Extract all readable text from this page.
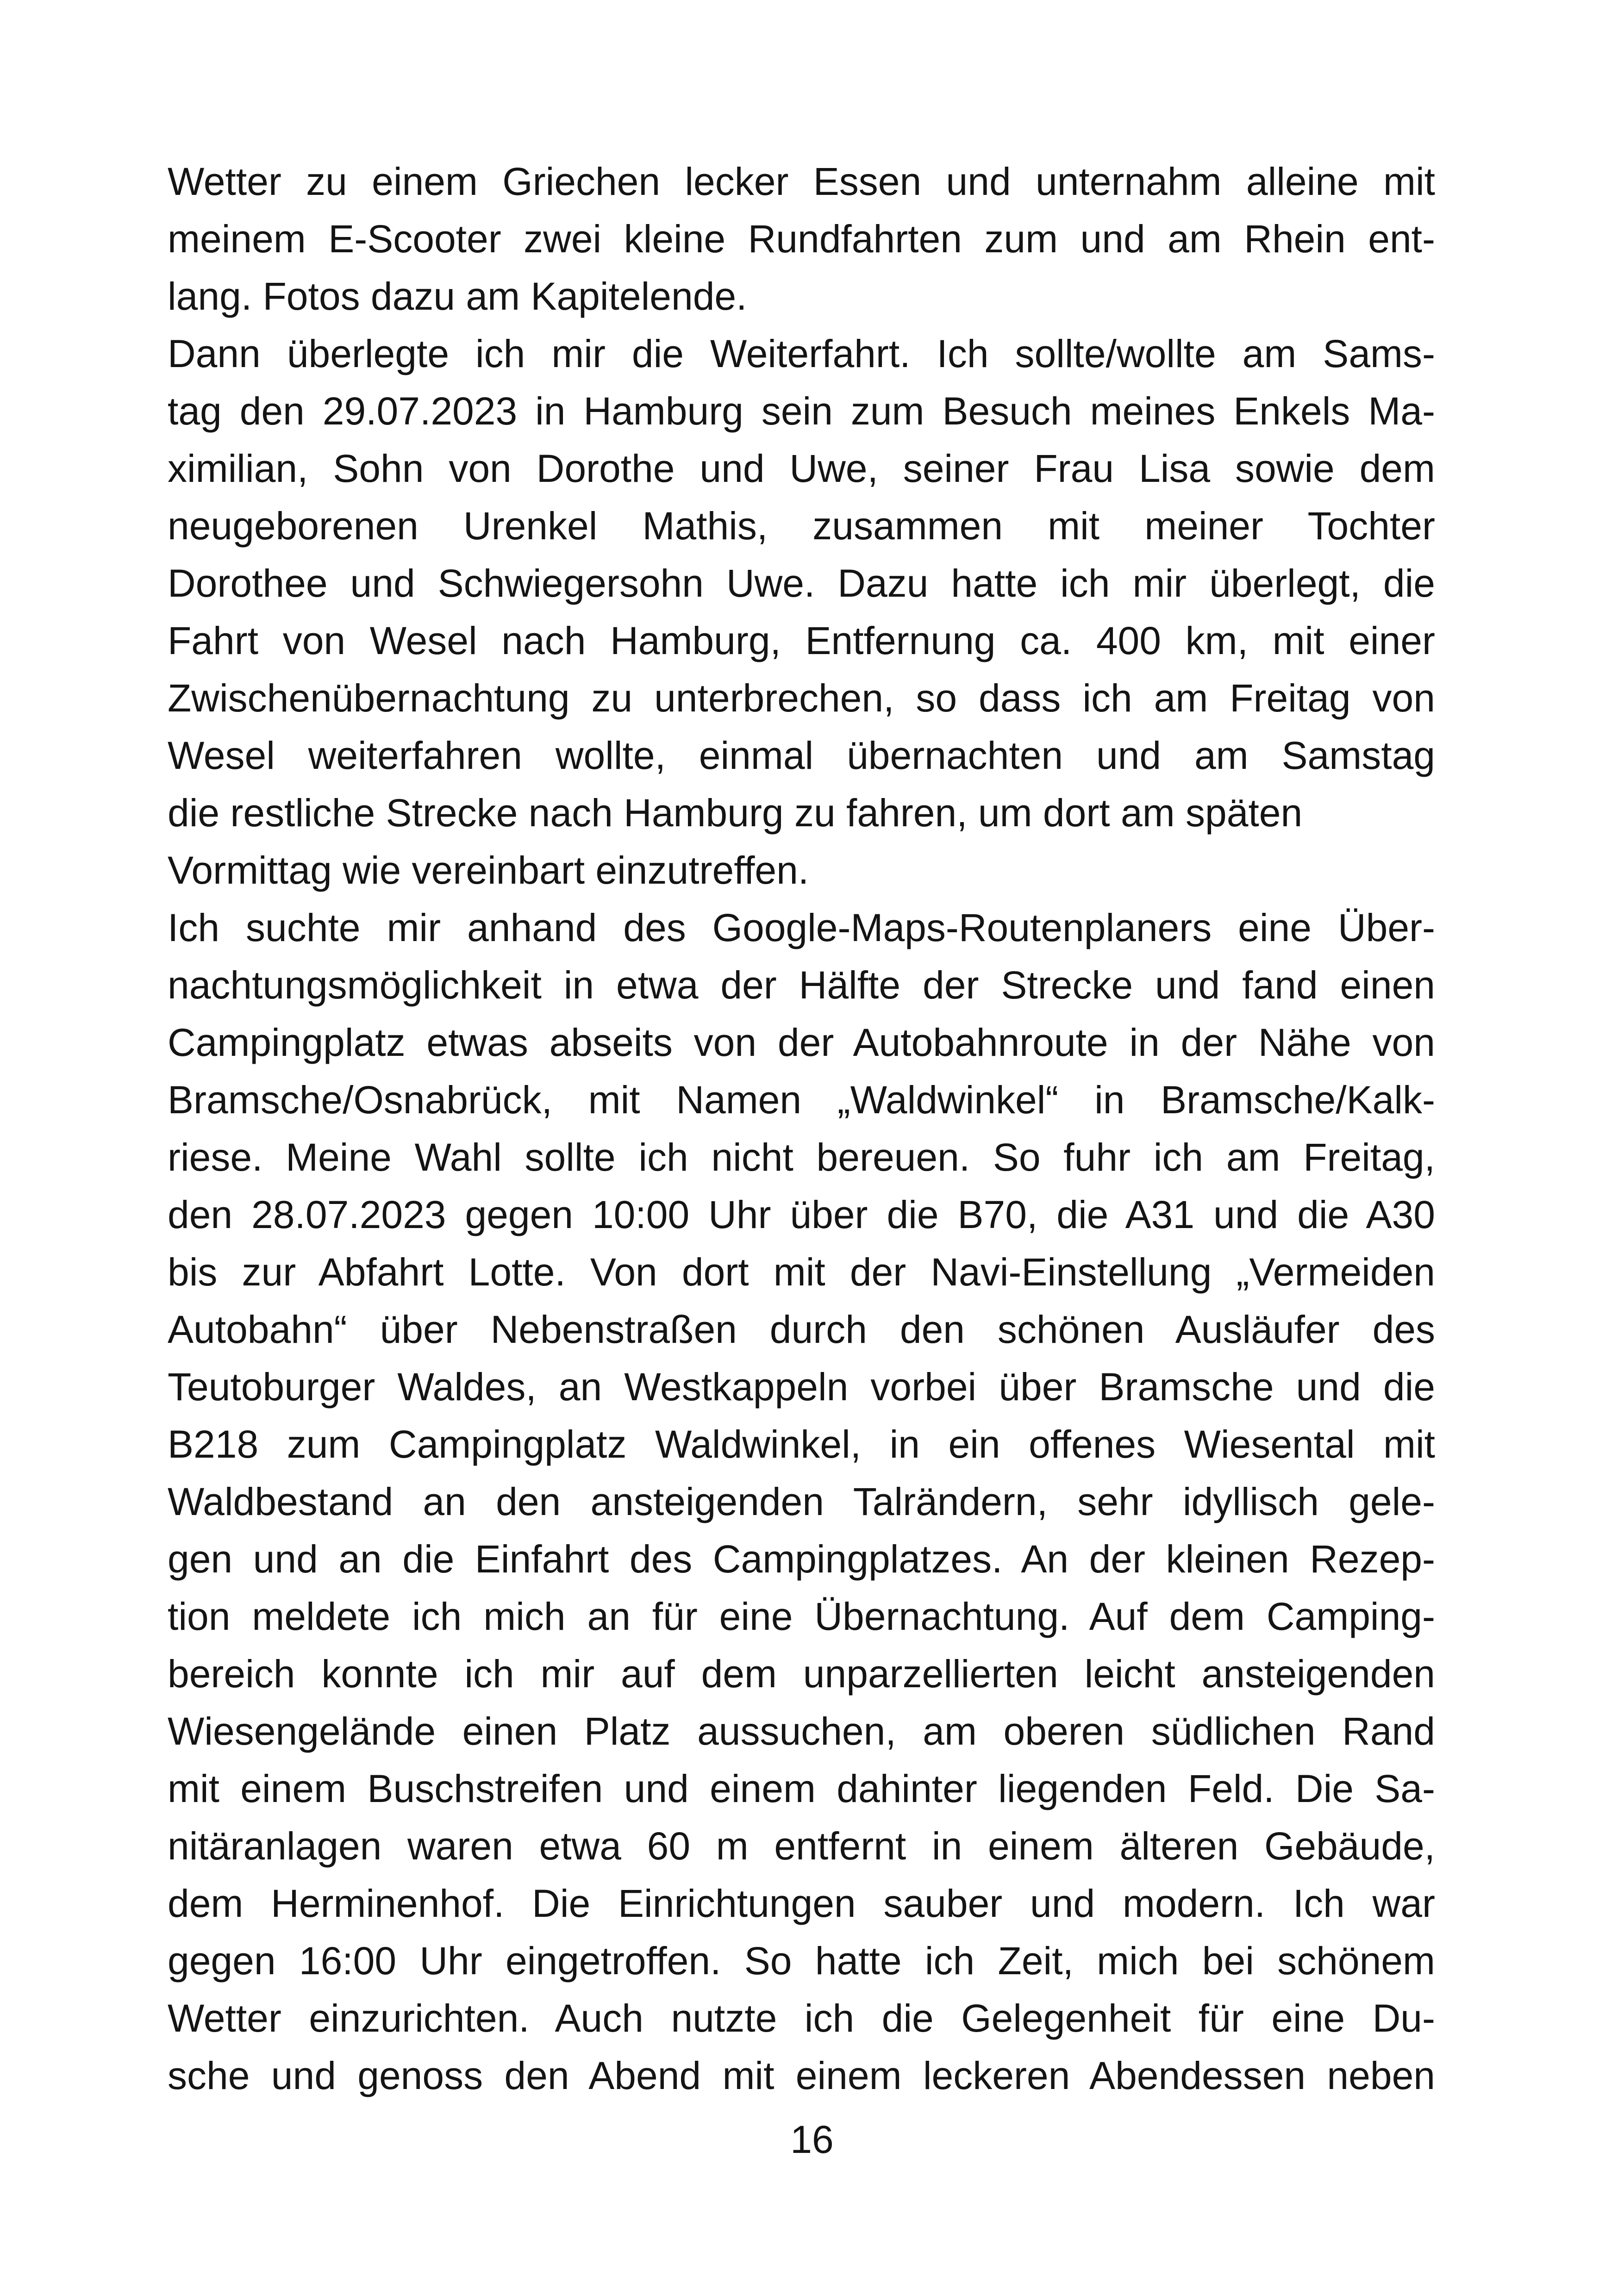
Wetter zu einem Griechen lecker Essen und unternahm alleine mit
meinem E-Scooter zwei kleine Rundfahrten zum und am Rhein ent-
lang. Fotos dazu am Kapitelende.
Dann überlegte ich mir die Weiterfahrt. Ich sollte/wollte am Sams-
tag den 29.07.2023 in Hamburg sein zum Besuch meines Enkels Ma-
ximilian, Sohn von Dorothe und Uwe, seiner Frau Lisa sowie dem
neugeborenen Urenkel Mathis, zusammen mit meiner Tochter
Dorothee und Schwiegersohn Uwe. Dazu hatte ich mir überlegt, die
Fahrt von Wesel nach Hamburg, Entfernung ca. 400 km, mit einer
Zwischenübernachtung zu unterbrechen, so dass ich am Freitag von
Wesel weiterfahren wollte, einmal übernachten und am Samstag
die restliche Strecke nach Hamburg zu fahren, um dort am späten
Vormittag wie vereinbart einzutreffen.
Ich suchte mir anhand des Google-Maps-Routenplaners eine Über-
nachtungsmöglichkeit in etwa der Hälfte der Strecke und fand einen
Campingplatz etwas abseits von der Autobahnroute in der Nähe von
Bramsche/Osnabrück, mit Namen „Waldwinkel“ in Bramsche/Kalk-
riese. Meine Wahl sollte ich nicht bereuen. So fuhr ich am Freitag,
den 28.07.2023 gegen 10:00 Uhr über die B70, die A31 und die A30
bis zur Abfahrt Lotte. Von dort mit der Navi-Einstellung „Vermeiden
Autobahn“ über Nebenstraßen durch den schönen Ausläufer des
Teutoburger Waldes, an Westkappeln vorbei über Bramsche und die
B218 zum Campingplatz Waldwinkel, in ein offenes Wiesental mit
Waldbestand an den ansteigenden Talrändern, sehr idyllisch gele-
gen und an die Einfahrt des Campingplatzes. An der kleinen Rezep-
tion meldete ich mich an für eine Übernachtung. Auf dem Camping-
bereich konnte ich mir auf dem unparzellierten leicht ansteigenden
Wiesengelände einen Platz aussuchen, am oberen südlichen Rand
mit einem Buschstreifen und einem dahinter liegenden Feld. Die Sa-
nitäranlagen waren etwa 60 m entfernt in einem älteren Gebäude,
dem Herminenhof. Die Einrichtungen sauber und modern. Ich war
gegen 16:00 Uhr eingetroffen. So hatte ich Zeit, mich bei schönem
Wetter einzurichten. Auch nutzte ich die Gelegenheit für eine Du-
sche und genoss den Abend mit einem leckeren Abendessen neben
16
